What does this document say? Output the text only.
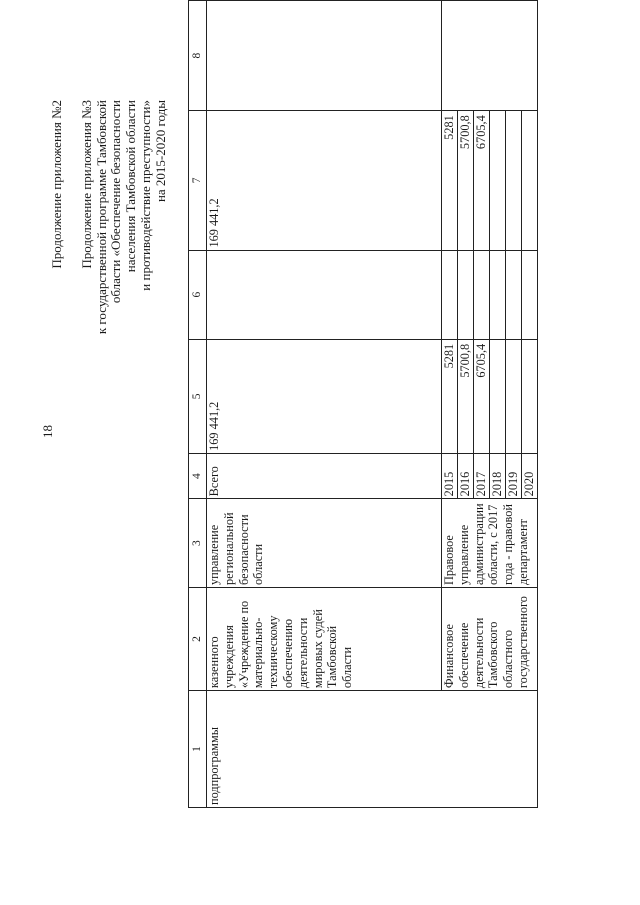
18
Продолжение приложения №2 Продолжение приложения №3 к государственной программе Тамбовской области «Обеспечение безопасности населения Тамбовской области и противодействие преступности» на 2015-2020 годы
1	2	3	4	5	6	7	8
подпрограммы	казенного учреждения «Учреждение по материально-техническому обеспечению деятельности мировых судей Тамбовской области	управление региональной безопасности области	Всего	169 441,2		169 441,2	
	Финансовое обеспечение деятельности Тамбовского областного государственного	Правовое управление администрации области, с 2017 года - правовой департамент	2015	5281		5281	
			2016	5700,8		5700,8	
			2017	6705,4		6705,4	
			2018				
			2019				
			2020				
